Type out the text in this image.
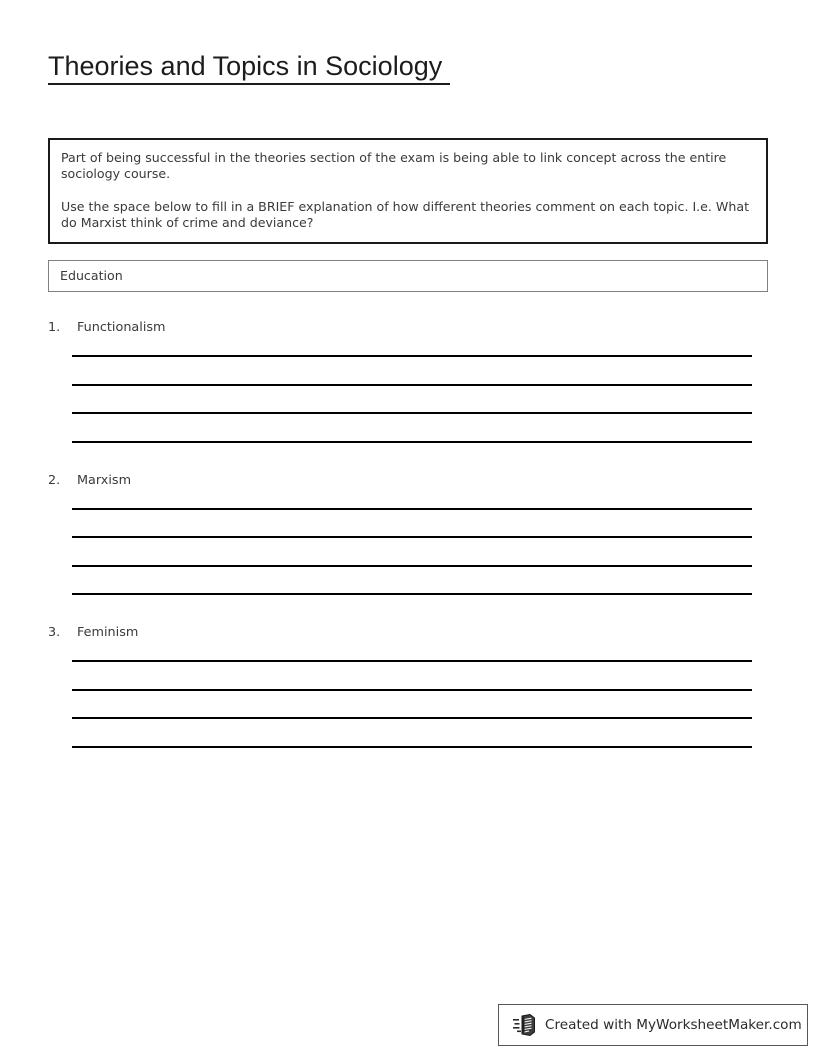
Theories and Topics in Sociology

Part of being successful in the theories section of the exam is being able to link concept across the entire sociology course.

Use the space below to fill in a BRIEF explanation of how different theories comment on each topic. I.e. What do Marxist think of crime and deviance?

Education
1.	Functionalism
2.	Marxism
3.	Feminism
Created with MyWorksheetMaker.com
